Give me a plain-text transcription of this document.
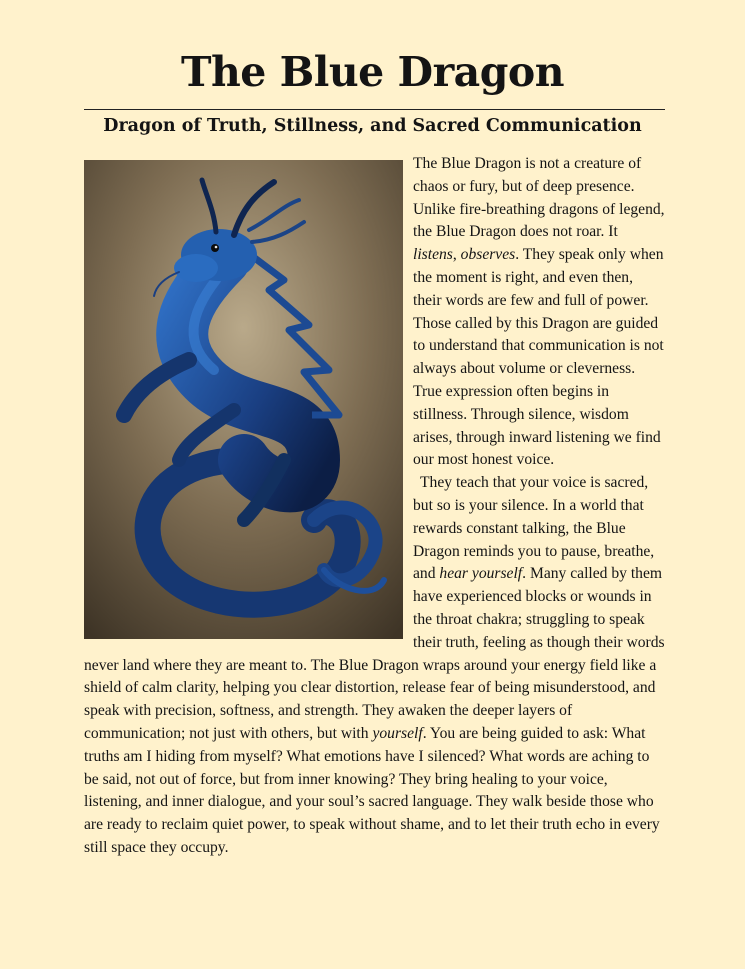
The Blue Dragon
Dragon of Truth, Stillness, and Sacred Communication

The Blue Dragon is not a creature of chaos or fury, but of deep presence. Unlike fire-breathing dragons of legend, the Blue Dragon does not roar. It listens, observes. They speak only when the moment is right, and even then, their words are few and full of power. Those called by this Dragon are guided to understand that communication is not always about volume or cleverness. True expression often begins in stillness. Through silence, wisdom arises, through inward listening we find our most honest voice.

They teach that your voice is sacred, but so is your silence. In a world that rewards constant talking, the Blue Dragon reminds you to pause, breathe, and hear yourself. Many called by them have experienced blocks or wounds in the throat chakra; struggling to speak their truth, feeling as though their words never land where they are meant to. The Blue Dragon wraps around your energy field like a shield of calm clarity, helping you clear distortion, release fear of being misunderstood, and speak with precision, softness, and strength. They awaken the deeper layers of communication; not just with others, but with yourself. You are being guided to ask: What truths am I hiding from myself? What emotions have I silenced? What words are aching to be said, not out of force, but from inner knowing? They bring healing to your voice, listening, and inner dialogue, and your soul’s sacred language. They walk beside those who are ready to reclaim quiet power, to speak without shame, and to let their truth echo in every still space they occupy.
